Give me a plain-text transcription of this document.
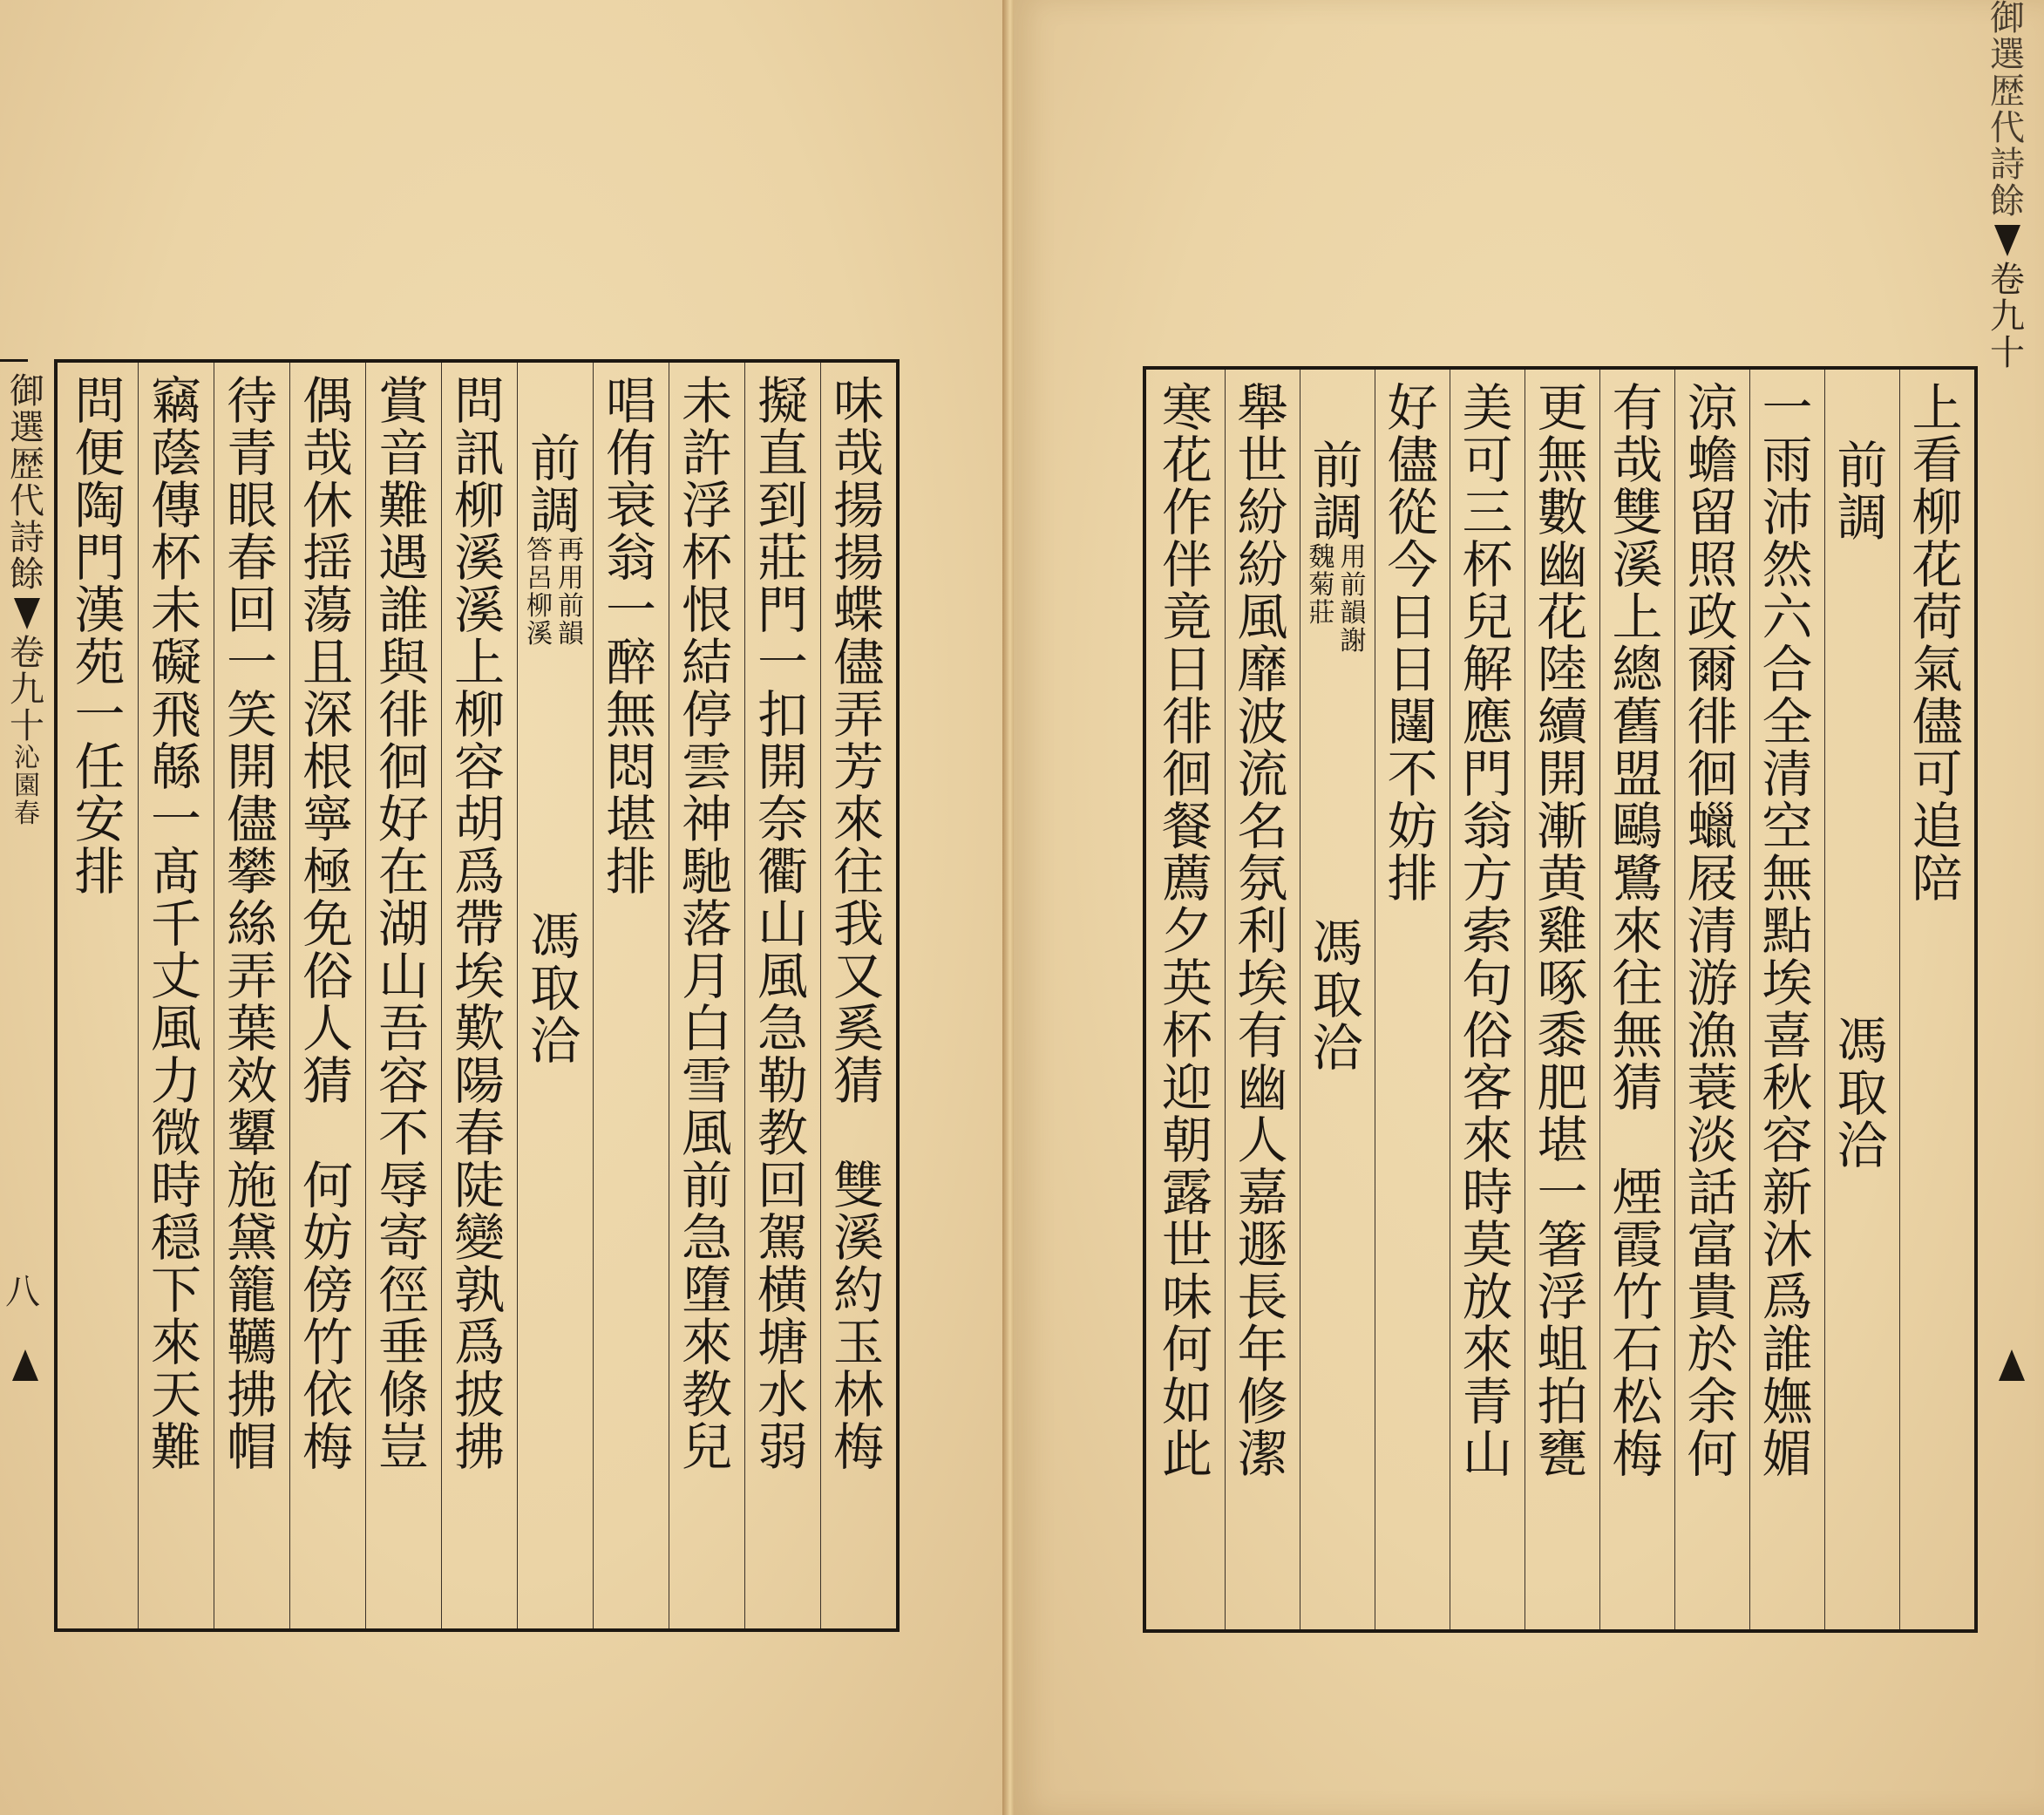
御
選
歴
代
詩
餘
卷
九
十
沁
園
春
八
味
哉
揚
揚
蝶
儘
弄
芳
來
往
我
又
奚
猜
雙
溪
約
玉
林
梅
擬
直
到
莊
門
一
扣
開
奈
衢
山
風
急
勒
教
回
駕
横
塘
水
弱
未
許
浮
杯
恨
結
停
雲
神
馳
落
月
白
雪
風
前
急
墮
來
教
兒
唱
侑
衰
翁
一
醉
無
悶
堪
排
前
調
再
用
前
韻
答
呂
柳
溪
馮
取
洽
問
訊
柳
溪
溪
上
柳
容
胡
爲
帶
埃
歎
陽
春
陡
變
孰
爲
披
拂
賞
音
難
遇
誰
與
徘
徊
好
在
湖
山
吾
容
不
辱
寄
徑
垂
條
豈
偶
哉
休
揺
蕩
且
深
根
寧
極
免
俗
人
猜
何
妨
傍
竹
依
梅
待
青
眼
春
回
一
笑
開
儘
攀
絲
弄
葉
效
顰
施
黛
籠
韉
拂
帽
竊
蔭
傳
杯
未
礙
飛
緜
一
髙
千
丈
風
力
微
時
穏
下
來
天
難
問
便
陶
門
漢
苑
一
任
安
排
上
看
柳
花
荷
氣
儘
可
追
陪
前
調
馮
取
洽
一
雨
沛
然
六
合
全
清
空
無
點
埃
喜
秋
容
新
沐
爲
誰
嫵
媚
涼
蟾
留
照
政
爾
徘
徊
蠟
屐
清
游
漁
蓑
淡
話
富
貴
於
余
何
有
哉
雙
溪
上
總
舊
盟
鷗
鷺
來
往
無
猜
煙
霞
竹
石
松
梅
更
無
數
幽
花
陸
續
開
漸
黄
雞
啄
黍
肥
堪
一
箸
浮
蛆
拍
甕
美
可
三
杯
兒
解
應
門
翁
方
索
句
俗
客
來
時
莫
放
來
青
山
好
儘
從
今
日
日
闥
不
妨
排
前
調
用
前
韻
謝
魏
菊
莊
馮
取
洽
舉
世
紛
紛
風
靡
波
流
名
氛
利
埃
有
幽
人
嘉
遯
長
年
修
潔
寒
花
作
伴
竟
日
徘
徊
餐
薦
夕
英
杯
迎
朝
露
世
味
何
如
此
御
選
歴
代
詩
餘
卷
九
十
